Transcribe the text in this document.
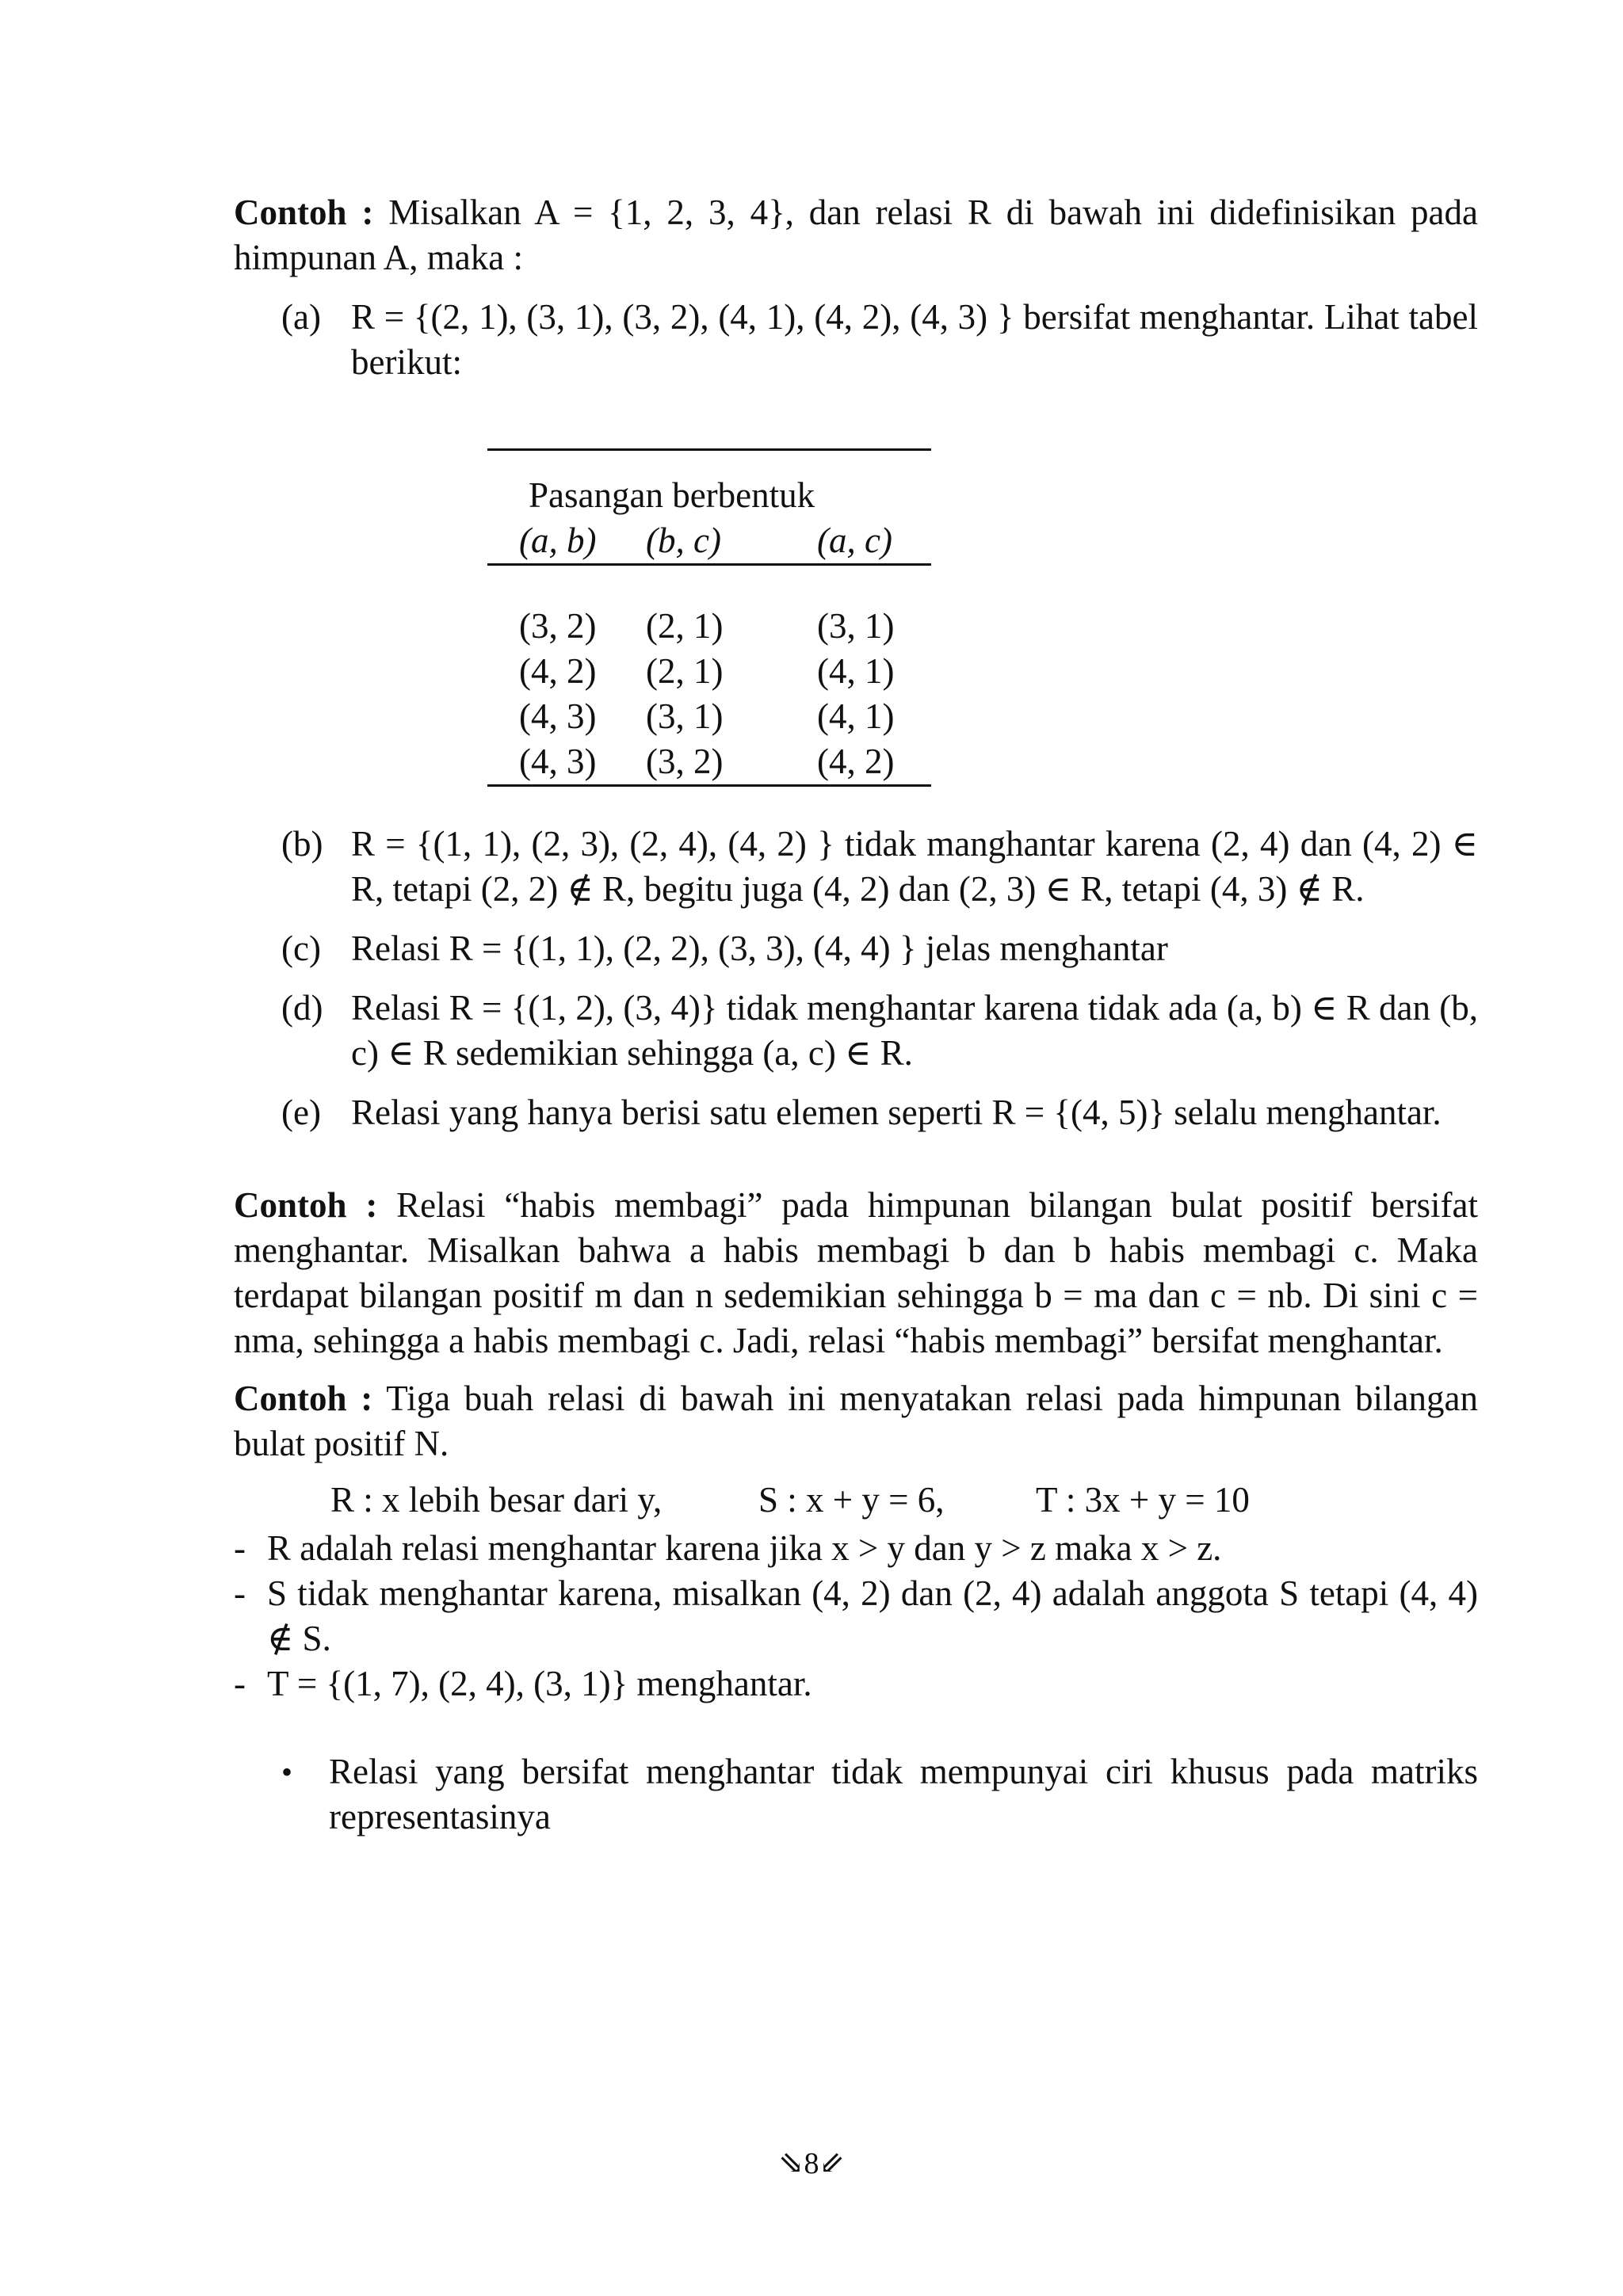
Contoh : Misalkan A = {1, 2, 3, 4}, dan relasi R di bawah ini didefinisikan pada himpunan A, maka :

(a) R = {(2, 1), (3, 1), (3, 2), (4, 1), (4, 2), (4, 3) } bersifat menghantar. Lihat tabel berikut:
Pasangan berbentuk
(a, b)	(b, c)	(a, c)
(3, 2)	(2, 1)	(3, 1)
(4, 2)	(2, 1)	(4, 1)
(4, 3)	(3, 1)	(4, 1)
(4, 3)	(3, 2)	(4, 2)
(b) R = {(1, 1), (2, 3), (2, 4), (4, 2) } tidak manghantar karena (2, 4) dan (4, 2) ∈ R, tetapi (2, 2) ∉ R, begitu juga (4, 2) dan (2, 3) ∈ R, tetapi (4, 3) ∉ R.
(c) Relasi R = {(1, 1), (2, 2), (3, 3), (4, 4) } jelas menghantar
(d) Relasi R = {(1, 2), (3, 4)} tidak menghantar karena tidak ada (a, b) ∈ R dan (b, c) ∈ R sedemikian sehingga (a, c) ∈ R.
(e) Relasi yang hanya berisi satu elemen seperti R = {(4, 5)} selalu menghantar.

Contoh : Relasi “habis membagi” pada himpunan bilangan bulat positif bersifat menghantar. Misalkan bahwa a habis membagi b dan b habis membagi c. Maka terdapat bilangan positif m dan n sedemikian sehingga b = ma dan c = nb. Di sini c = nma, sehingga a habis membagi c. Jadi, relasi “habis membagi” bersifat menghantar.

Contoh : Tiga buah relasi di bawah ini menyatakan relasi pada himpunan bilangan bulat positif N.

R : x lebih besar dari y,	S : x + y = 6,	T : 3x + y = 10
- R adalah relasi menghantar karena jika x > y dan y > z maka x > z.
- S tidak menghantar karena, misalkan (4, 2) dan (2, 4) adalah anggota S tetapi (4, 4) ∉ S.
- T = {(1, 7), (2, 4), (3, 1)} menghantar.
•	Relasi yang bersifat menghantar tidak mempunyai ciri khusus pada matriks representasinya
⇘8⇙
